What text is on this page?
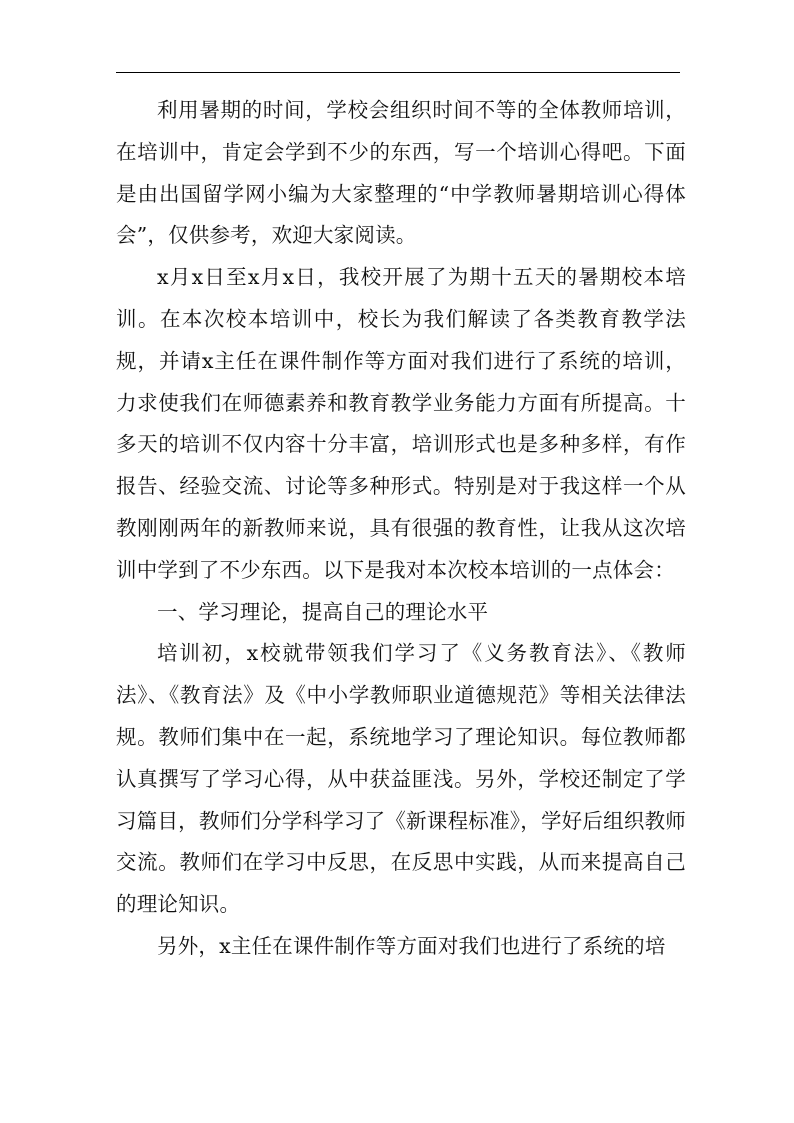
利用暑期的时间，学校会组织时间不等的全体教师培训，在培训中，肯定会学到不少的东西，写一个培训心得吧。下面是由出国留学网小编为大家整理的“中学教师暑期培训心得体会”，仅供参考，欢迎大家阅读。

x月x日至x月x日，我校开展了为期十五天的暑期校本培训。在本次校本培训中，校长为我们解读了各类教育教学法规，并请x主任在课件制作等方面对我们进行了系统的培训，力求使我们在师德素养和教育教学业务能力方面有所提高。十多天的培训不仅内容十分丰富，培训形式也是多种多样，有作报告、经验交流、讨论等多种形式。特别是对于我这样一个从教刚刚两年的新教师来说，具有很强的教育性，让我从这次培训中学到了不少东西。以下是我对本次校本培训的一点体会：

一、学习理论，提高自己的理论水平

培训初，x校就带领我们学习了《义务教育法》、《教师法》、《教育法》及《中小学教师职业道德规范》等相关法律法规。教师们集中在一起，系统地学习了理论知识。每位教师都认真撰写了学习心得，从中获益匪浅。另外，学校还制定了学习篇目，教师们分学科学习了《新课程标准》，学好后组织教师交流。教师们在学习中反思，在反思中实践，从而来提高自己的理论知识。

另外，x主任在课件制作等方面对我们也进行了系统的培
